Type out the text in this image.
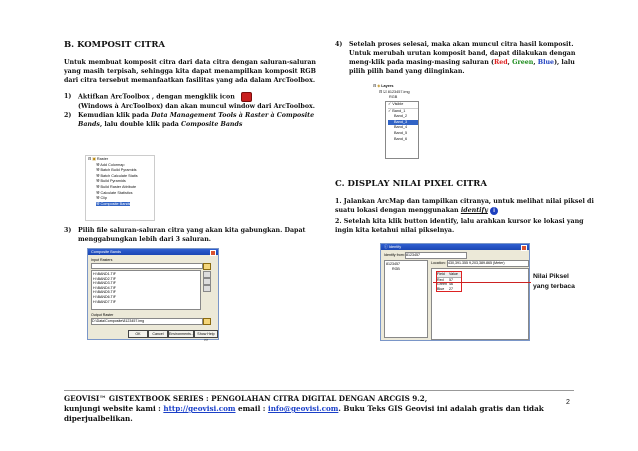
B. KOMPOSIT CITRA

Untuk membuat komposit citra dari data citra dengan saluran-saluran yang masih terpisah, sehingga kita dapat menampilkan komposit RGB dari citra tersebut memanfaatkan fasilitas yang ada dalam ArcToolbox.

1) Aktifkan ArcToolbox , dengan mengklik icon
(Windows à ArcToolbox) dan akan muncul window dari ArcToolbox.
2) Kemudian klik pada Data Management Tools à Raster à Composite Bands, lalu double klik pada Composite Bands
⊟ ▣ Raster
⚒ Add Colormap
⚒ Batch Build Pyramids
⚒ Batch Calculate Statis
⚒ Build Pyramids
⚒ Build Raster Attribute
⚒ Calculate Statistics
⚒ Clip
⚒ Composite Bands
3) Pilih file saluran-saluran citra yang akan kita gabungkan. Dapat menggabungkan lebih dari 3 saluran.
Composite Bands
Input Rasters
H:\BAND1.TIF
H:\BAND2.TIF
H:\BAND3.TIF
H:\BAND4.TIF
H:\BAND5.TIF
H:\BAND6.TIF
H:\BAND7.TIF
Output Raster
D:\Data\Composite\8123457.img
OK	Cancel	Environments... Show Help >>
4) Setelah proses selesai, maka akan muncul citra hasil komposit. Untuk merubah urutan komposit band, dapat dilakukan dengan meng-klik pada masing-masing saluran (Red, Green, Blue), lalu pilih pilih band yang diinginkan.
⊟ ◈ Layers
⊟ ☑ 8123457.img
RGB
✓ Visible
✓ Band_1
Band_2
Band_3
Band_4
Band_5
Band_6
C. DISPLAY NILAI PIXEL CITRA
1. Jalankan ArcMap dan tampilkan citranya, untuk melihat nilai piksel di suatu lokasi dengan menggunakan identify i
2. Setelah kita klik button identify, lalu arahkan kursor ke lokasi yang ingin kita ketahui nilai pikselnya.
ⓘ Identify
Identify from: 8123457
8123457
RGB
Location: 430,391.355 9,203,389.865 (Meter)
Field	Value
Red	57
Green 46
Blue	27
Nilai Piksel
yang terbaca
GEOVISI™ GISTEXTBOOK SERIES : PENGOLAHAN CITRA DIGITAL DENGAN ARCGIS 9.2,
kunjungi website kami : http://geovisi.com email : info@geovisi.com. Buku Teks GIS Geovisi ini adalah gratis dan tidak
diperjualbelikan.
2
